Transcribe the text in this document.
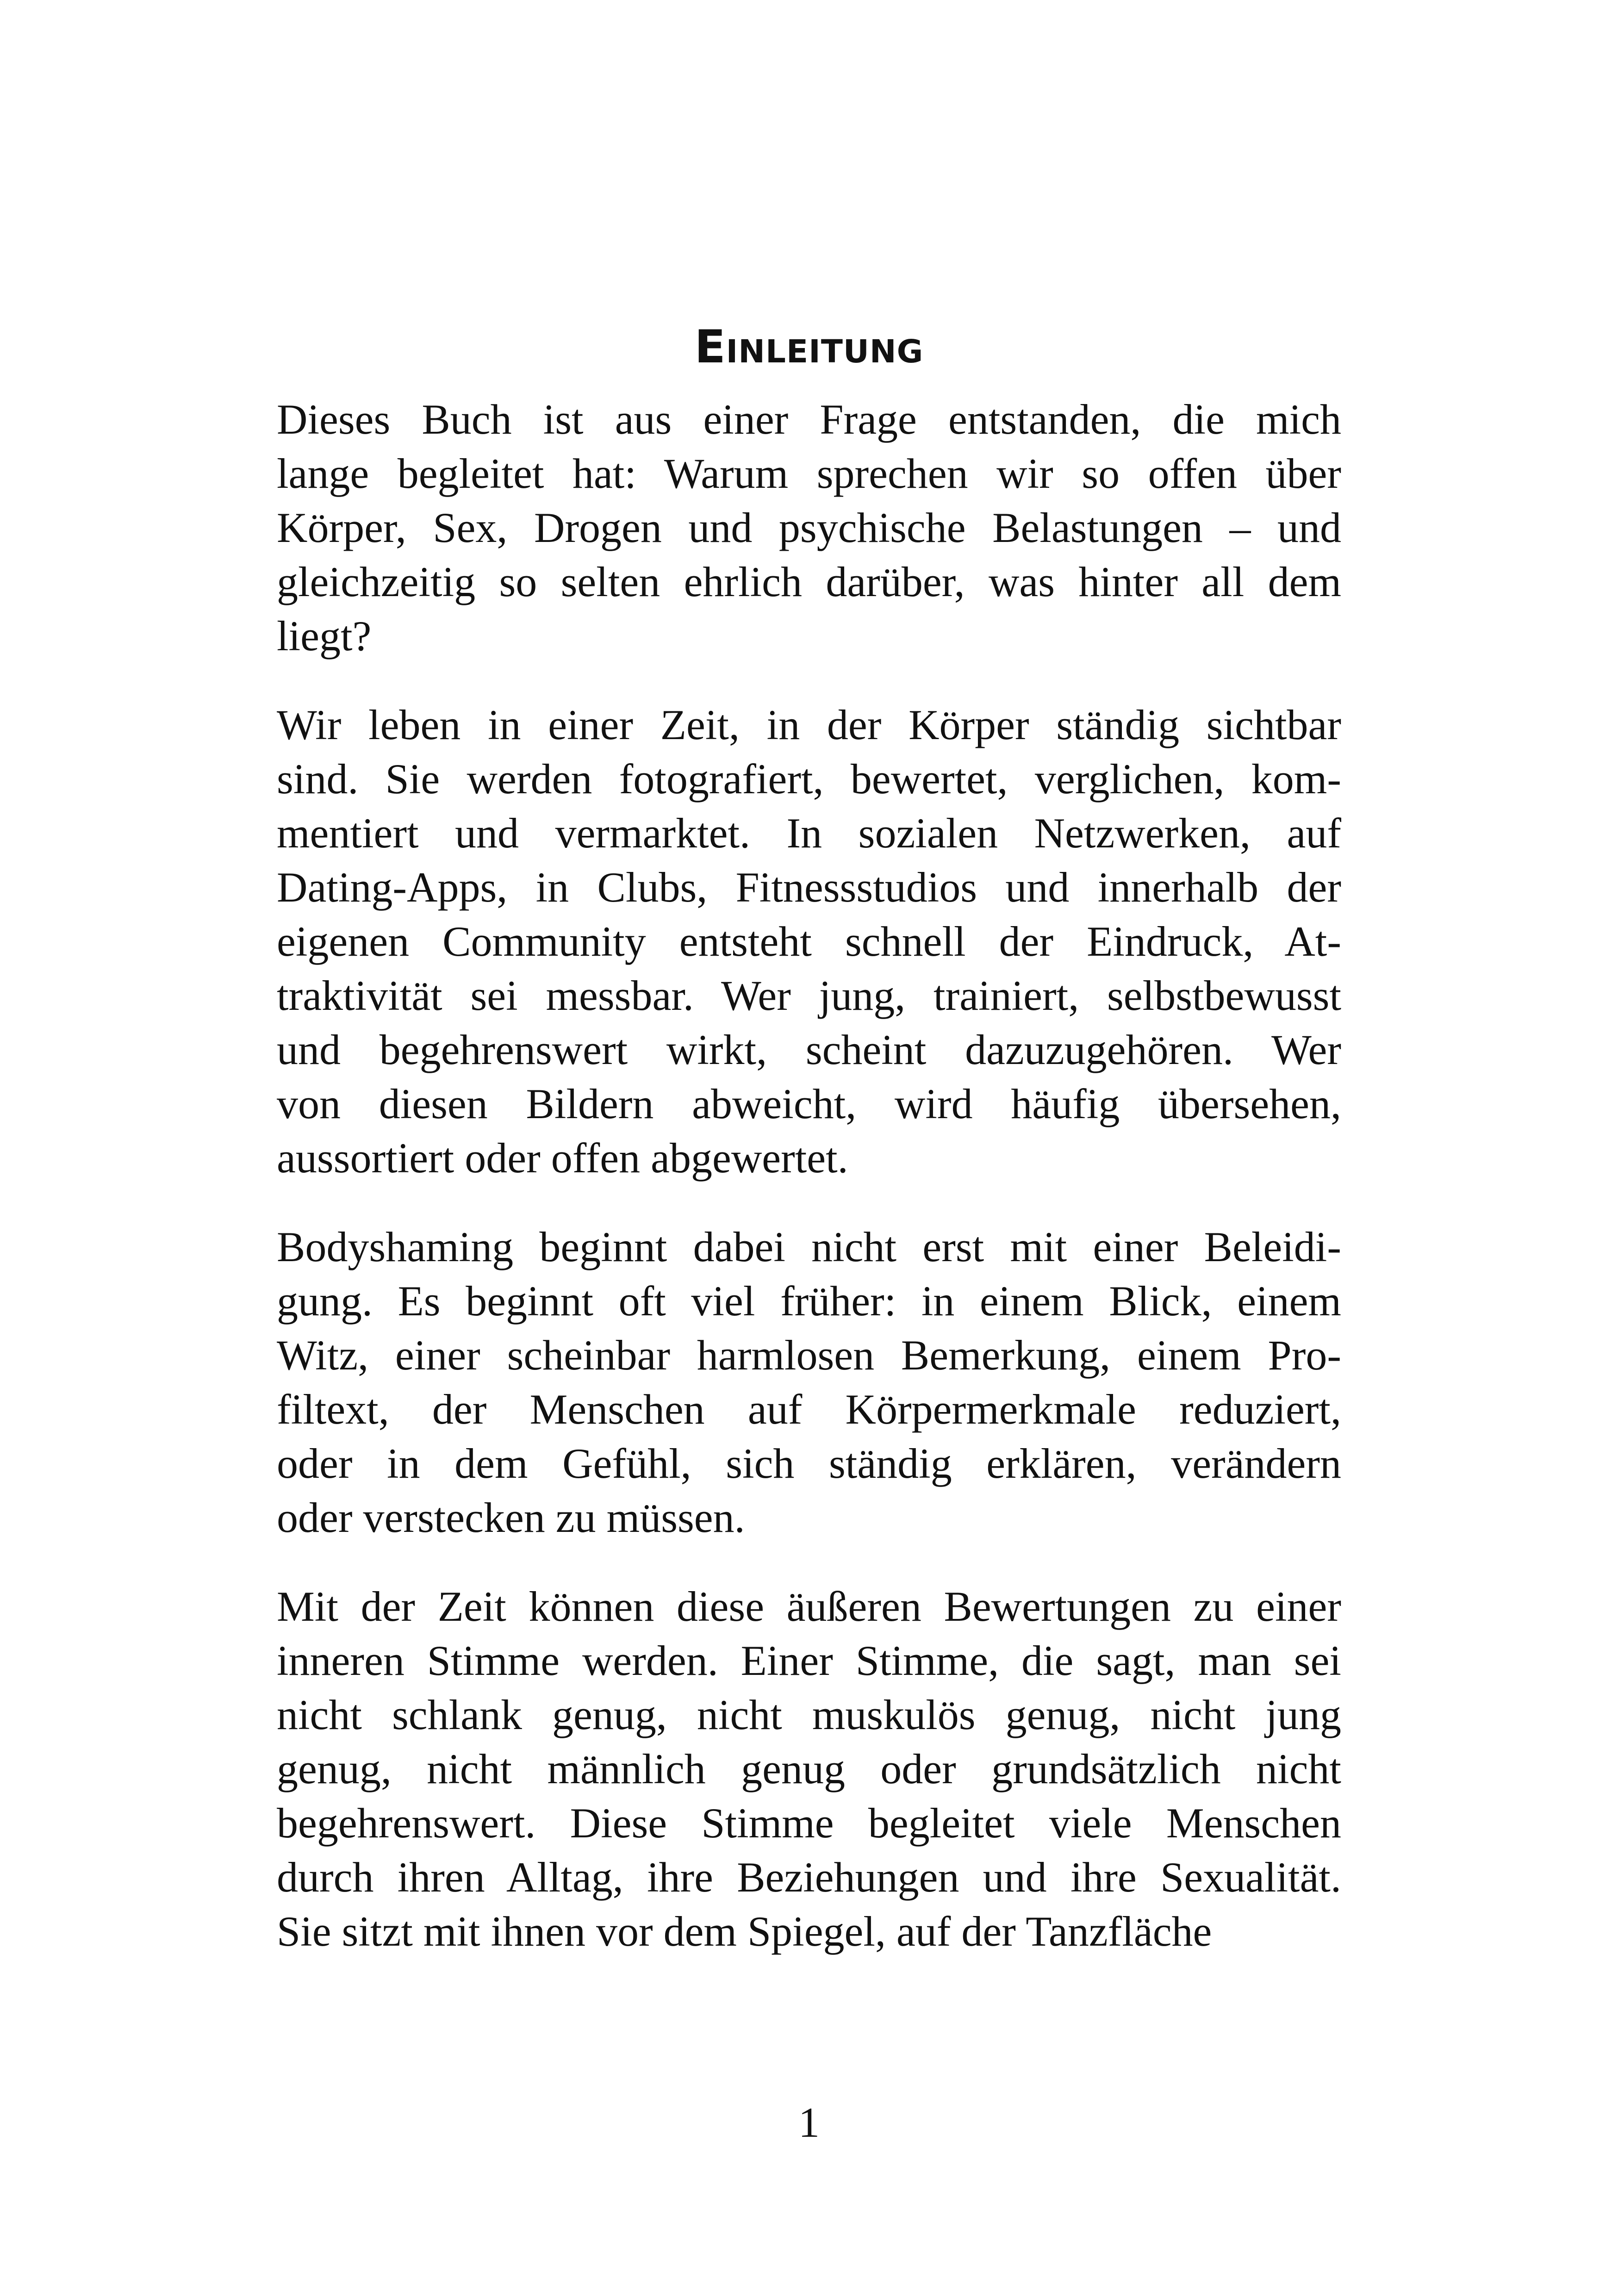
Einleitung

Dieses Buch ist aus einer Frage entstanden, die mich
lange begleitet hat: Warum sprechen wir so offen über
Körper, Sex, Drogen und psychische Belastungen – und
gleichzeitig so selten ehrlich darüber, was hinter all dem
liegt?

Wir leben in einer Zeit, in der Körper ständig sichtbar
sind. Sie werden fotografiert, bewertet, verglichen, kom-
mentiert und vermarktet. In sozialen Netzwerken, auf
Dating-Apps, in Clubs, Fitnessstudios und innerhalb der
eigenen Community entsteht schnell der Eindruck, At-
traktivität sei messbar. Wer jung, trainiert, selbstbewusst
und begehrenswert wirkt, scheint dazuzugehören. Wer
von diesen Bildern abweicht, wird häufig übersehen,
aussortiert oder offen abgewertet.

Bodyshaming beginnt dabei nicht erst mit einer Beleidi-
gung. Es beginnt oft viel früher: in einem Blick, einem
Witz, einer scheinbar harmlosen Bemerkung, einem Pro-
filtext, der Menschen auf Körpermerkmale reduziert,
oder in dem Gefühl, sich ständig erklären, verändern
oder verstecken zu müssen.

Mit der Zeit können diese äußeren Bewertungen zu einer
inneren Stimme werden. Einer Stimme, die sagt, man sei
nicht schlank genug, nicht muskulös genug, nicht jung
genug, nicht männlich genug oder grundsätzlich nicht
begehrenswert. Diese Stimme begleitet viele Menschen
durch ihren Alltag, ihre Beziehungen und ihre Sexualität.
Sie sitzt mit ihnen vor dem Spiegel, auf der Tanzfläche

1
